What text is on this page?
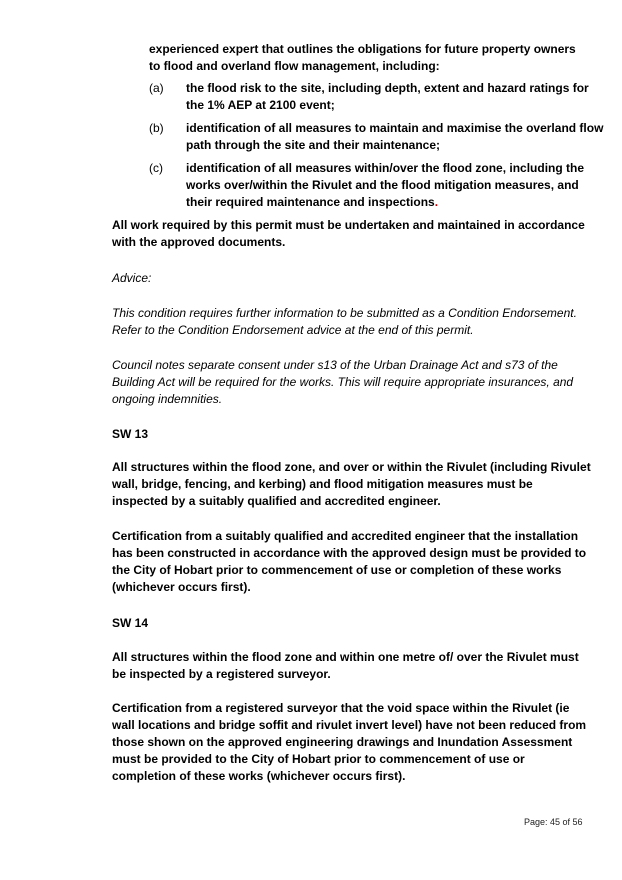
experienced expert that outlines the obligations for future property owners to flood and overland flow management, including:

(a) the flood risk to the site, including depth, extent and hazard ratings for the 1% AEP at 2100 event;
(b) identification of all measures to maintain and maximise the overland flow path through the site and their maintenance;
(c) identification of all measures within/over the flood zone, including the works over/within the Rivulet and the flood mitigation measures, and their required maintenance and inspections.

All work required by this permit must be undertaken and maintained in accordance with the approved documents.

Advice:

This condition requires further information to be submitted as a Condition Endorsement. Refer to the Condition Endorsement advice at the end of this permit.

Council notes separate consent under s13 of the Urban Drainage Act and s73 of the Building Act will be required for the works. This will require appropriate insurances, and ongoing indemnities.

SW 13

All structures within the flood zone, and over or within the Rivulet (including Rivulet wall, bridge, fencing, and kerbing) and flood mitigation measures must be inspected by a suitably qualified and accredited engineer.

Certification from a suitably qualified and accredited engineer that the installation has been constructed in accordance with the approved design must be provided to the City of Hobart prior to commencement of use or completion of these works (whichever occurs first).

SW 14

All structures within the flood zone and within one metre of/ over the Rivulet must be inspected by a registered surveyor.

Certification from a registered surveyor that the void space within the Rivulet (ie wall locations and bridge soffit and rivulet invert level) have not been reduced from those shown on the approved engineering drawings and Inundation Assessment must be provided to the City of Hobart prior to commencement of use or completion of these works (whichever occurs first).

Page: 45 of 56
